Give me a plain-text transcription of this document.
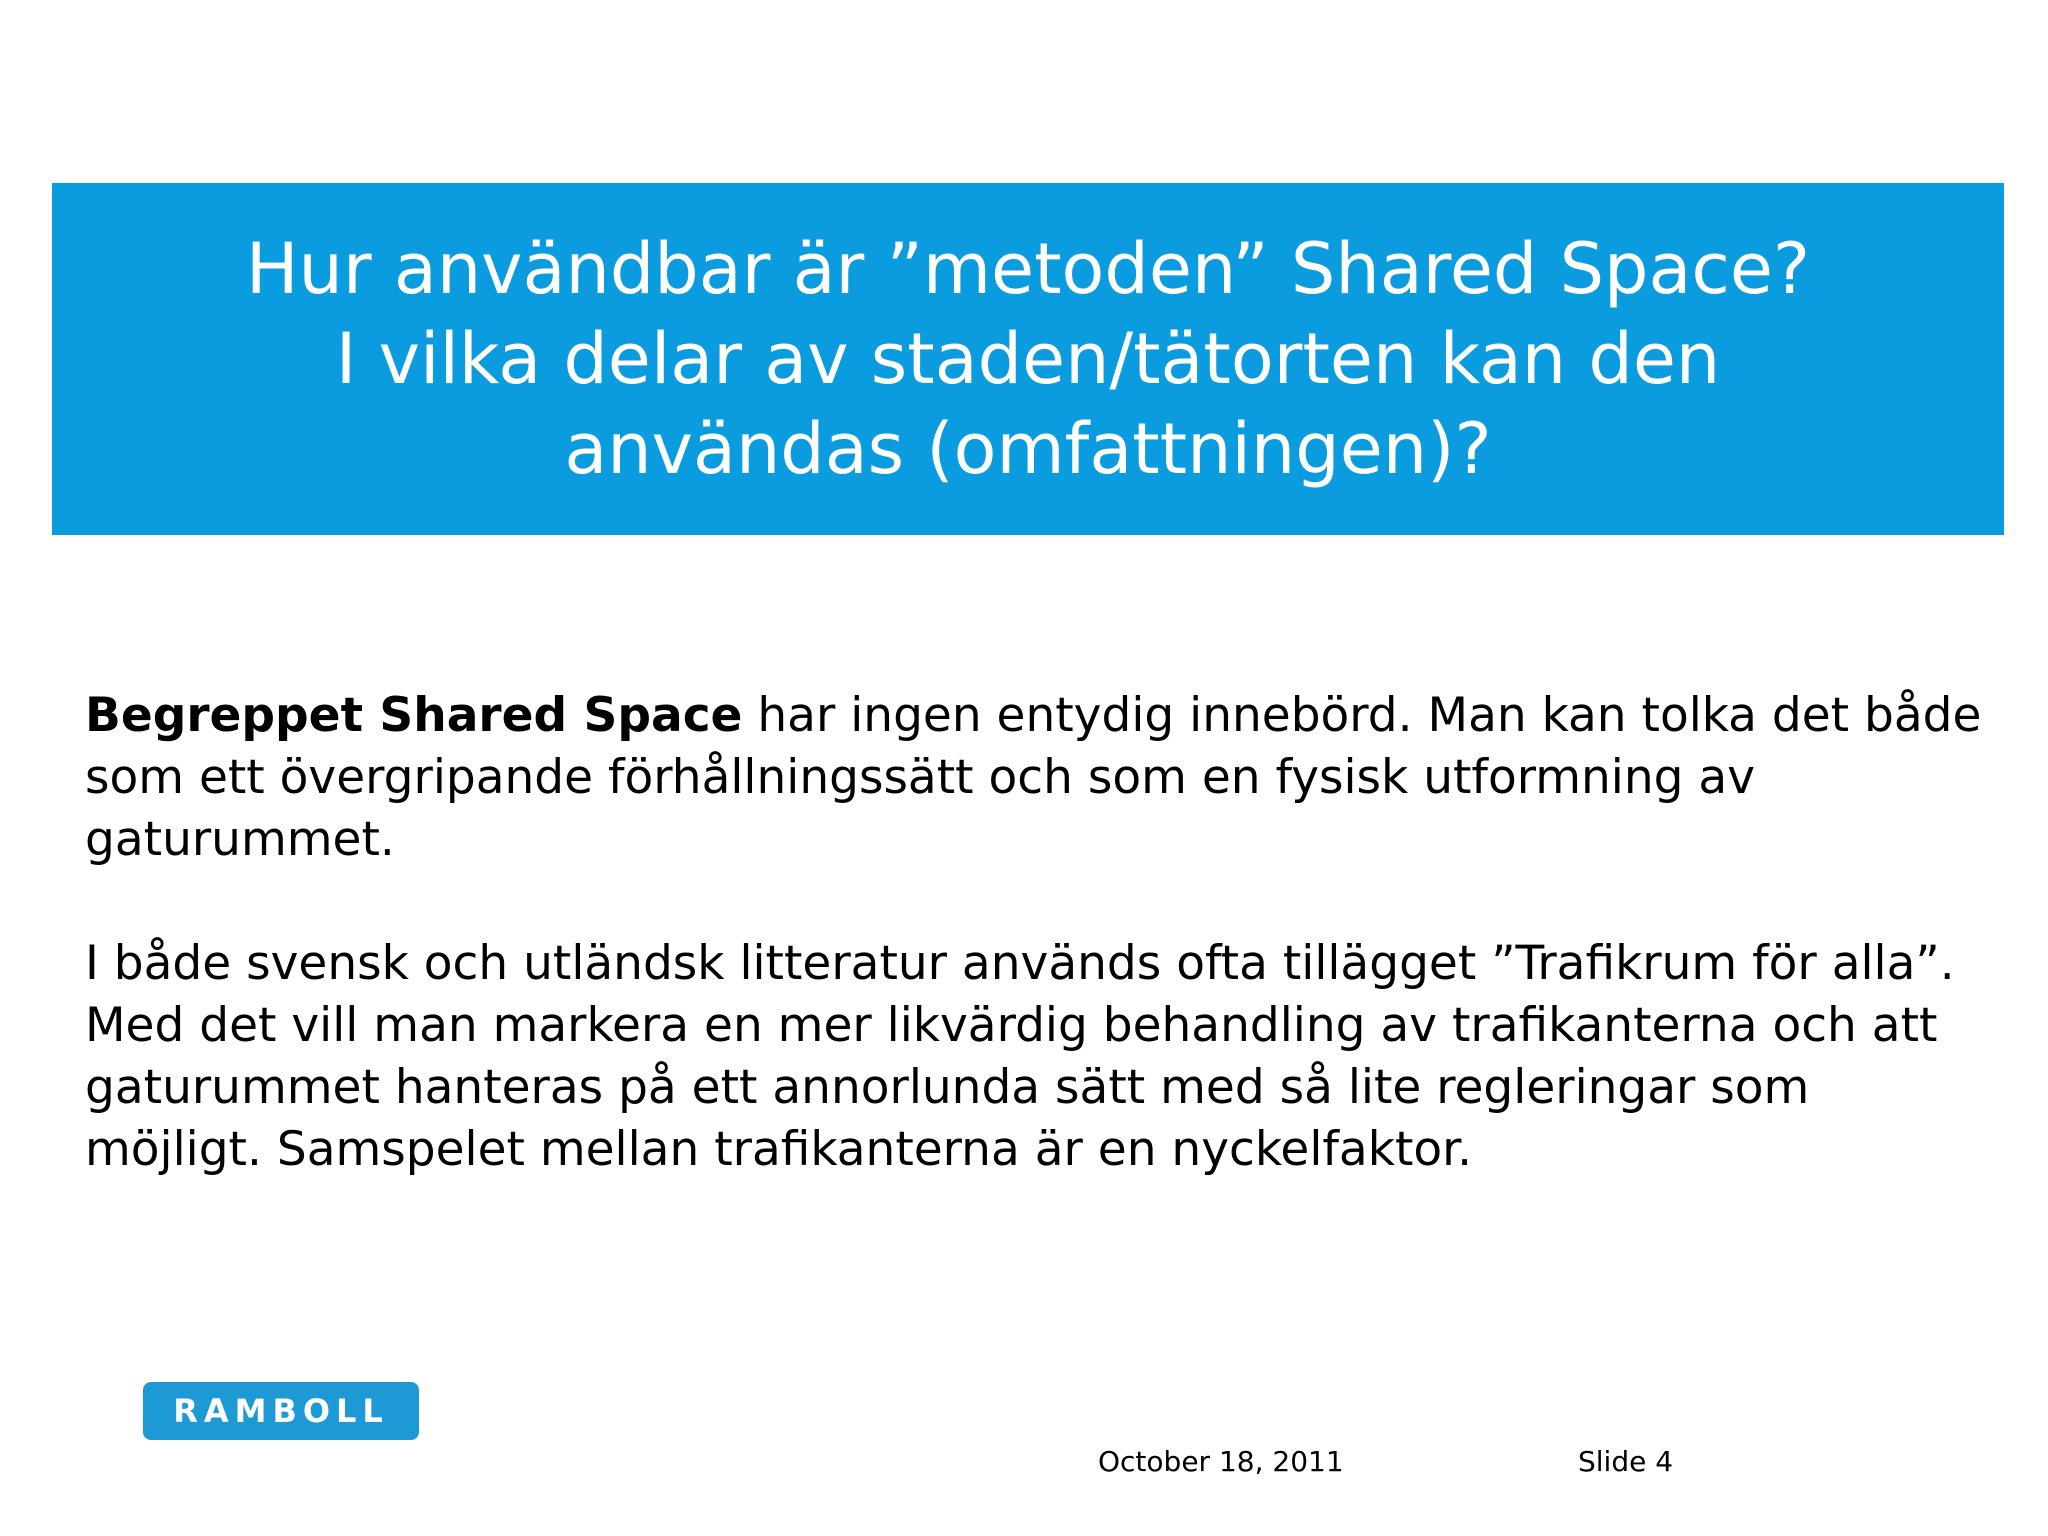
Hur användbar är ”metoden” Shared Space?
I vilka delar av staden/tätorten kan den
användas (omfattningen)?

Begreppet Shared Space har ingen entydig innebörd. Man kan tolka det både som ett övergripande förhållningssätt och som en fysisk utformning av gaturummet.

I både svensk och utländsk litteratur används ofta tillägget ”Trafikrum för alla”. Med det vill man markera en mer likvärdig behandling av trafikanterna och att gaturummet hanteras på ett annorlunda sätt med så lite regleringar som möjligt. Samspelet mellan trafikanterna är en nyckelfaktor.

RAMBOLL
October 18, 2011	Slide 4
